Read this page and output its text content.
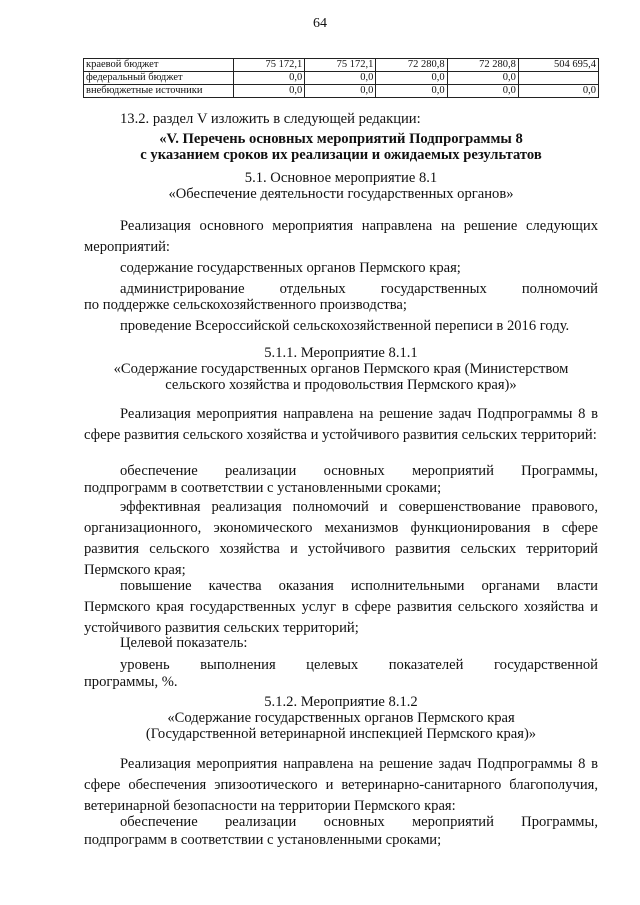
64
краевой бюджет	75 172,1	75 172,1	72 280,8	72 280,8	504 695,4
федеральный бюджет	0,0	0,0	0,0	0,0	
внебюджетные источники	0,0	0,0	0,0	0,0	0,0
13.2. раздел V изложить в следующей редакции:
«V. Перечень основных мероприятий Подпрограммы 8
с указанием сроков их реализации и ожидаемых результатов
5.1. Основное мероприятие 8.1
«Обеспечение деятельности государственных органов»
Реализация основного мероприятия направлена на решение следующих мероприятий:
содержание государственных органов Пермского края;
администрирование отдельных государственных полномочий
по поддержке сельскохозяйственного производства;
проведение Всероссийской сельскохозяйственной переписи в 2016 году.
5.1.1. Мероприятие 8.1.1
«Содержание государственных органов Пермского края (Министерством
сельского хозяйства и продовольствия Пермского края)»
Реализация мероприятия направлена на решение задач Подпрограммы 8 в сфере развития сельского хозяйства и устойчивого развития сельских территорий:
обеспечение реализации основных мероприятий Программы,
подпрограмм в соответствии с установленными сроками;
эффективная реализация полномочий и совершенствование правового, организационного, экономического механизмов функционирования в сфере развития сельского хозяйства и устойчивого развития сельских территорий Пермского края;
повышение качества оказания исполнительными органами власти Пермского края государственных услуг в сфере развития сельского хозяйства и устойчивого развития сельских территорий;
Целевой показатель:
уровень выполнения целевых показателей государственной
программы, %.
5.1.2. Мероприятие 8.1.2
«Содержание государственных органов Пермского края
(Государственной ветеринарной инспекцией Пермского края)»
Реализация мероприятия направлена на решение задач Подпрограммы 8 в сфере обеспечения эпизоотического и ветеринарно-санитарного благополучия, ветеринарной безопасности на территории Пермского края:
обеспечение реализации основных мероприятий Программы,
подпрограмм в соответствии с установленными сроками;
